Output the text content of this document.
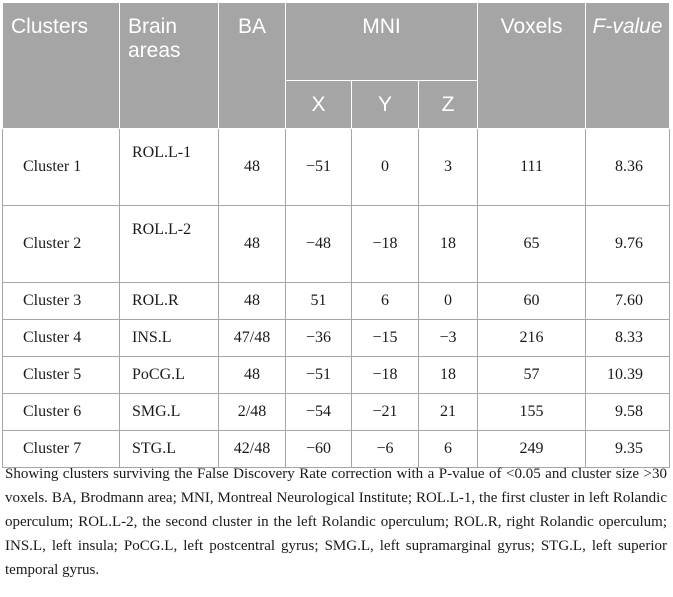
Clusters	Brain areas	BA	MNI			Voxels	F-value
			X	Y	Z		
Cluster 1	ROL.L-1	48	−51	0	3	111	8.36
Cluster 2	ROL.L-2	48	−48	−18	18	65	9.76
Cluster 3	ROL.R	48	51	6	0	60	7.60
Cluster 4	INS.L	47/48	−36	−15	−3	216	8.33
Cluster 5	PoCG.L	48	−51	−18	18	57	10.39
Cluster 6	SMG.L	2/48	−54	−21	21	155	9.58
Cluster 7	STG.L	42/48	−60	−6	6	249	9.35

Showing clusters surviving the False Discovery Rate correction with a P-value of <0.05 and cluster size >30 voxels. BA, Brodmann area; MNI, Montreal Neurological Institute; ROL.L-1, the first cluster in left Rolandic operculum; ROL.L-2, the second cluster in the left Rolandic operculum; ROL.R, right Rolandic operculum; INS.L, left insula; PoCG.L, left postcentral gyrus; SMG.L, left supramarginal gyrus; STG.L, left superior temporal gyrus.
